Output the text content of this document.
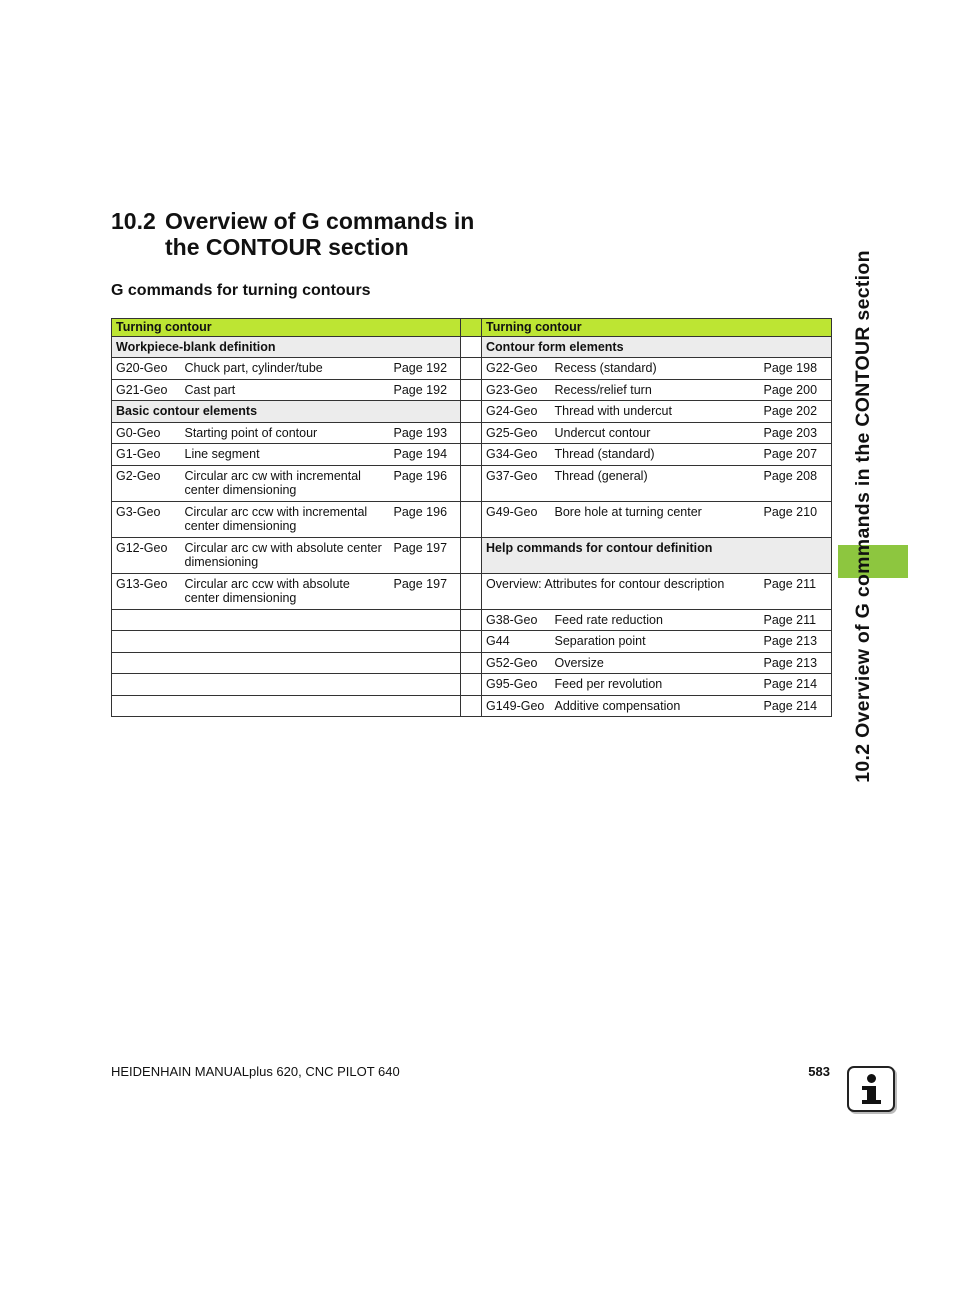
10.2 Overview of G commands in
the CONTOUR section
G commands for turning contours
Turning contour				Turning contour		
Workpiece-blank definition				Contour form elements		
G20-Geo	Chuck part, cylinder/tube	Page 192		G22-Geo	Recess (standard)	Page 198
G21-Geo	Cast part	Page 192		G23-Geo	Recess/relief turn	Page 200
Basic contour elements				G24-Geo	Thread with undercut	Page 202
G0-Geo	Starting point of contour	Page 193		G25-Geo	Undercut contour	Page 203
G1-Geo	Line segment	Page 194		G34-Geo	Thread (standard)	Page 207
G2-Geo	Circular arc cw with incremental center dimensioning	Page 196		G37-Geo	Thread (general)	Page 208
G3-Geo	Circular arc ccw with incremental center dimensioning	Page 196		G49-Geo	Bore hole at turning center	Page 210
G12-Geo	Circular arc cw with absolute center dimensioning	Page 197		Help commands for contour definition		
G13-Geo	Circular arc ccw with absolute center dimensioning	Page 197		Overview: Attributes for contour description		Page 211
				G38-Geo	Feed rate reduction	Page 211
				G44	Separation point	Page 213
				G52-Geo	Oversize	Page 213
				G95-Geo	Feed per revolution	Page 214
				G149-Geo	Additive compensation	Page 214 10.2 Overview of G commands in the CONTOUR section
HEIDENHAIN MANUALplus 620, CNC PILOT 640	583
